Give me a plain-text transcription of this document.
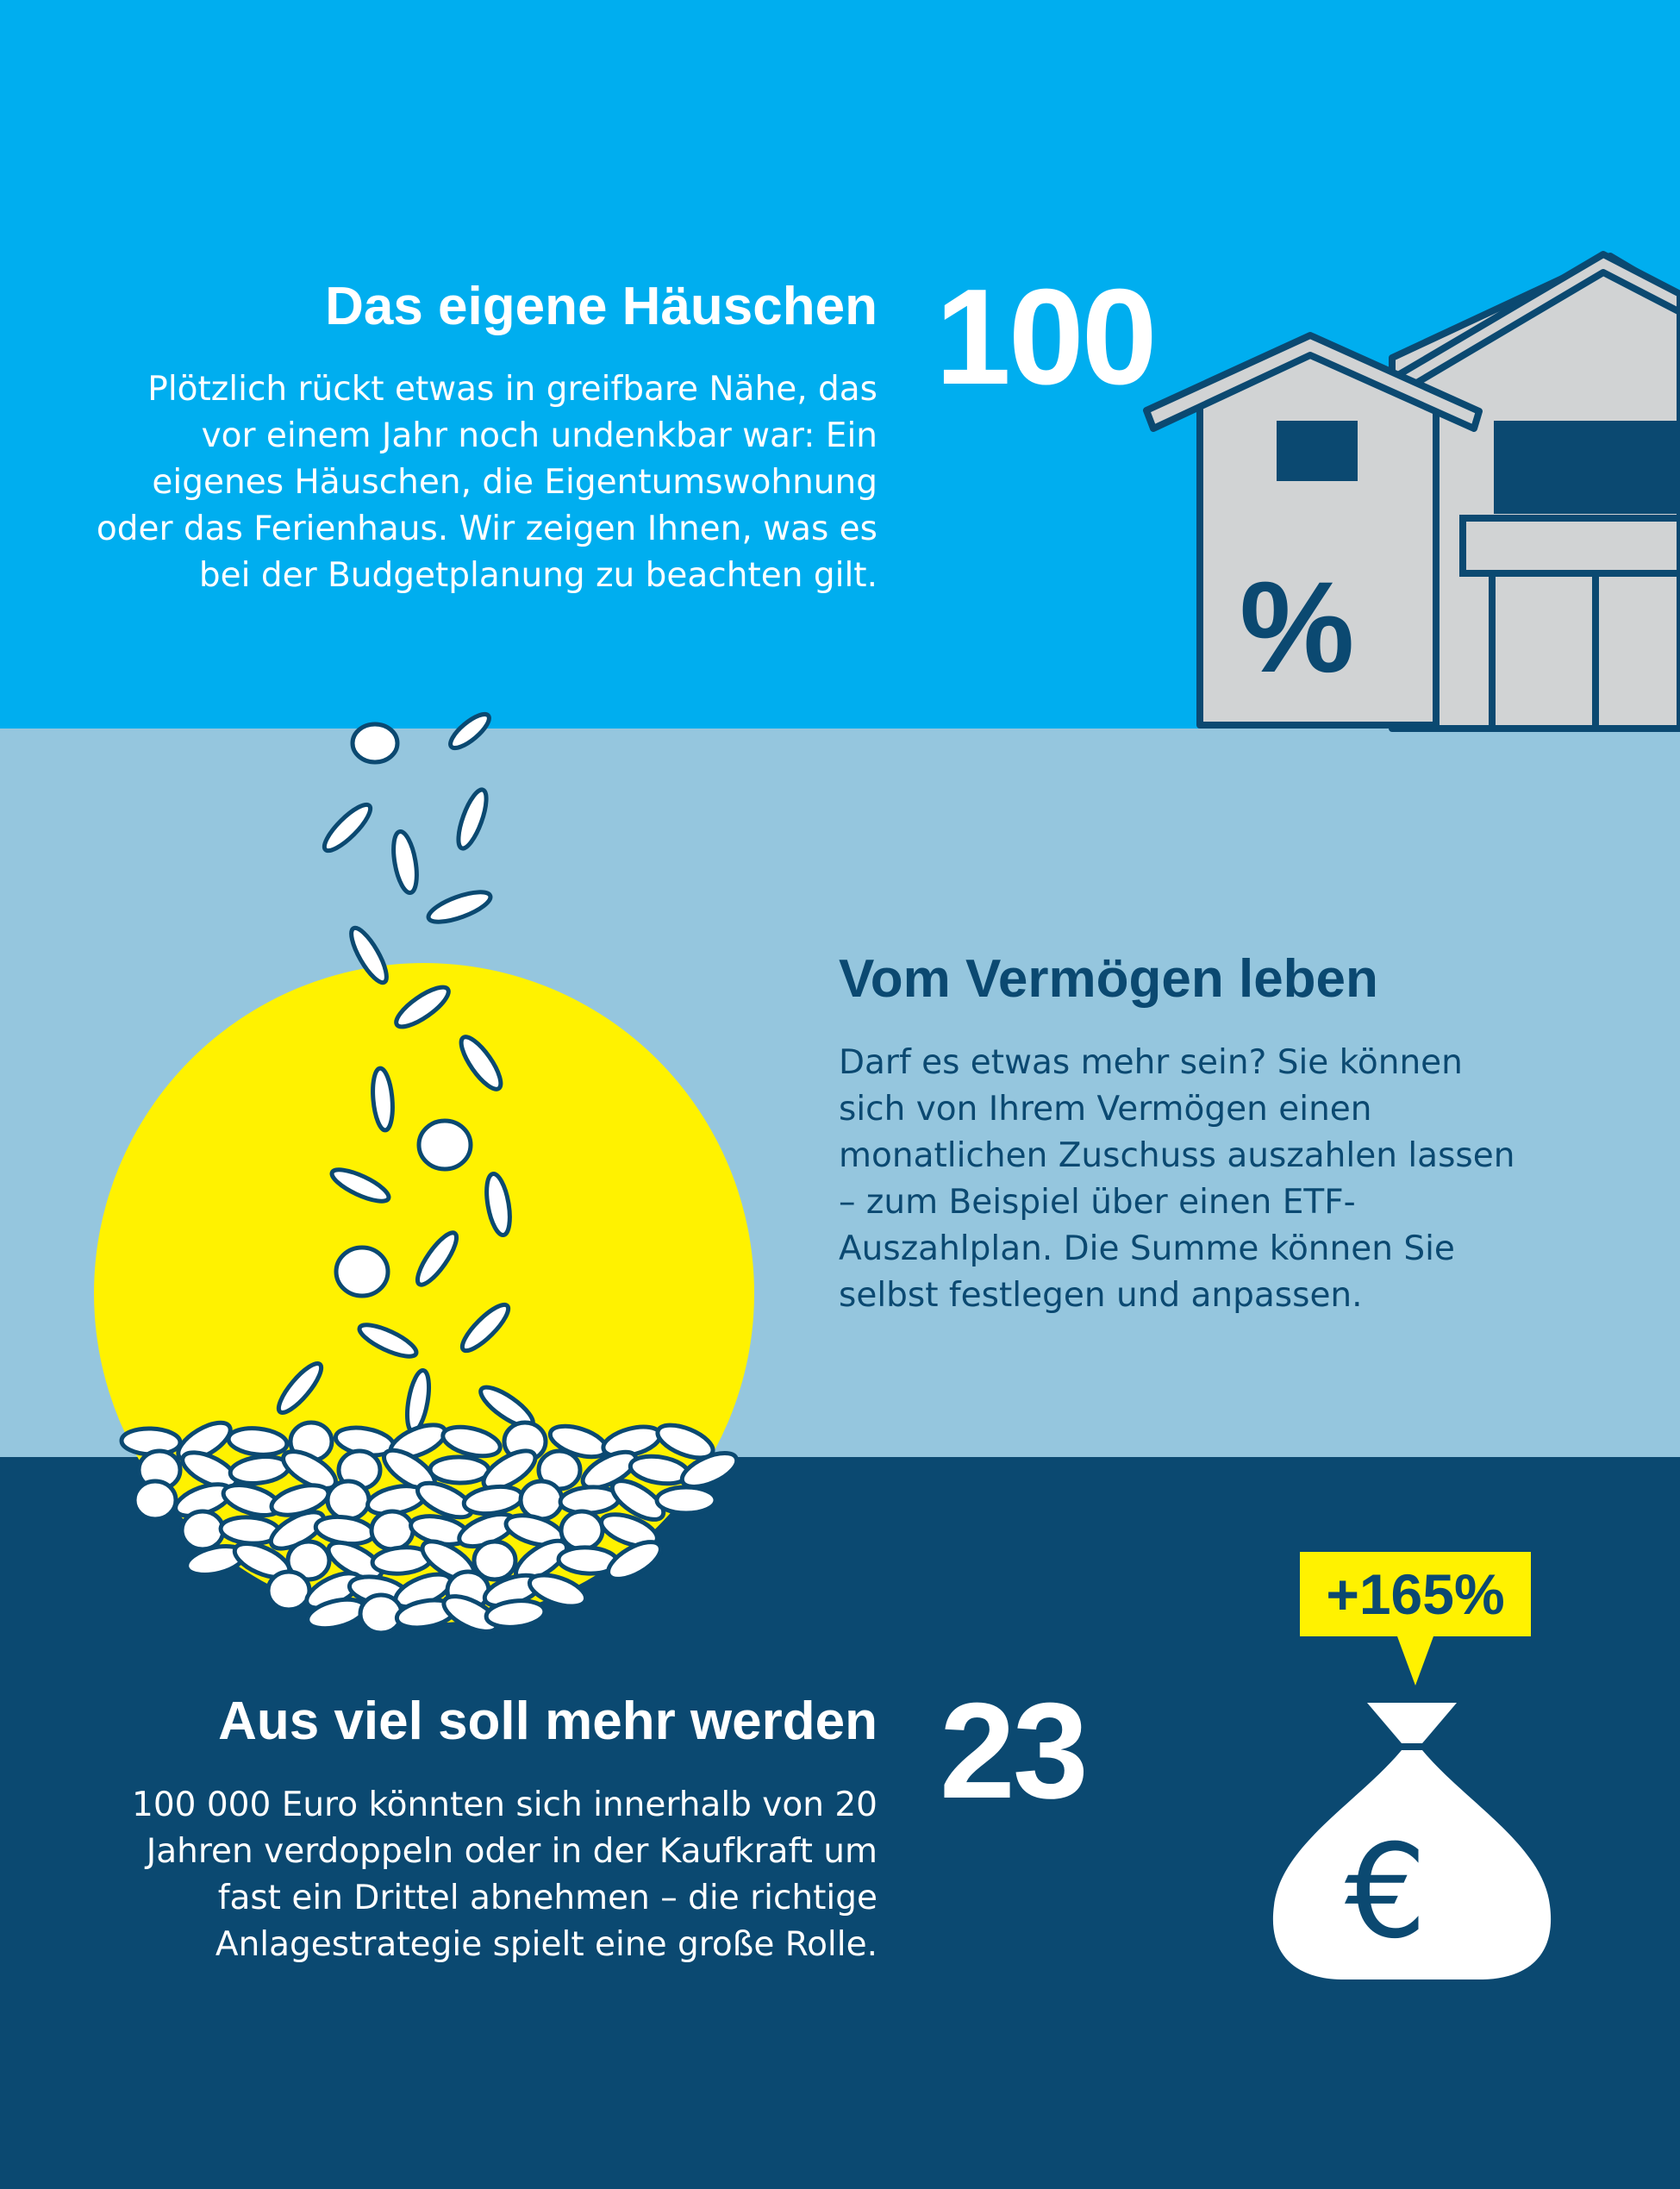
Das eigene Häuschen

Plötzlich rückt etwas in greifbare Nähe, das vor einem Jahr noch undenkbar war: Ein eigenes Häuschen, die Eigentumswohnung oder das Ferienhaus. Wir zeigen Ihnen, was es bei der Budgetplanung zu beachten gilt.

100
%
Vom Vermögen leben

Darf es etwas mehr sein? Sie können sich von Ihrem Vermögen einen monatlichen Zuschuss auszahlen lassen – zum Beispiel über einen ETF-Auszahlplan. Die Summe können Sie selbst festlegen und anpassen.

Aus viel soll mehr werden

100 000 Euro könnten sich innerhalb von 20 Jahren verdoppeln oder in der Kaufkraft um fast ein Drittel abnehmen – die richtige Anlagestrategie spielt eine große Rolle.

23
+165%
€
